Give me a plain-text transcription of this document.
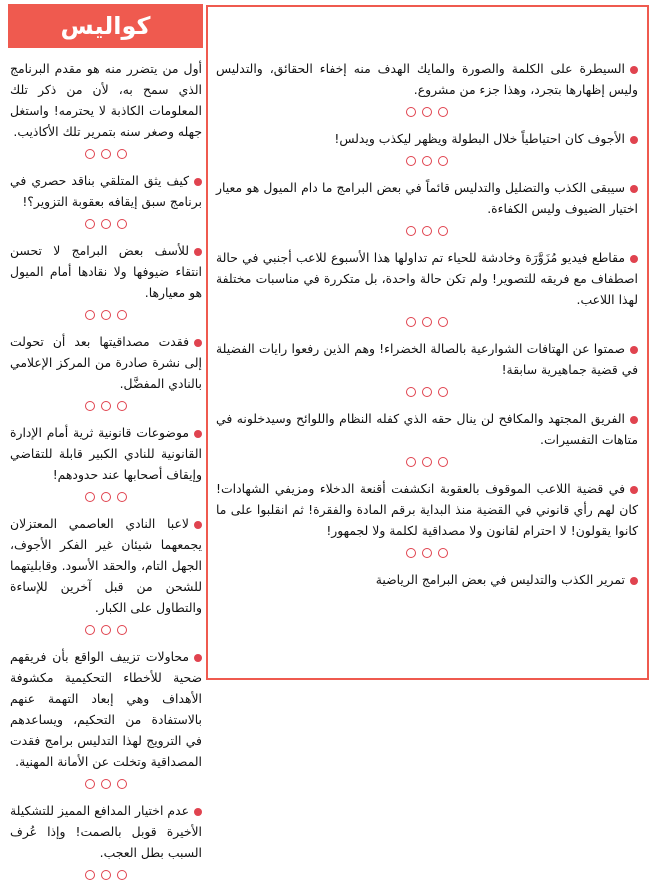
كواليس

السيطرة على الكلمة والصورة والمايك الهدف منه إخفاء الحقائق، والتدليس وليس إظهارها بتجرد، وهذا جزء من مشروع.

الأجوف كان احتياطياً خلال البطولة ويظهر ليكذب ويدلس!

سيبقى الكذب والتضليل والتدليس قائماً في بعض البرامج ما دام الميول هو معيار اختيار الضيوف وليس الكفاءة.

مقاطع فيديو مُزَوَّرَة وخادشة للحياء تم تداولها هذا الأسبوع للاعب أجنبي في حالة اصطفاف مع فريقه للتصوير! ولم تكن حالة واحدة، بل متكررة في مناسبات مختلفة لهذا اللاعب.

صمتوا عن الهتافات الشوارعية بالصالة الخضراء! وهم الذين رفعوا رايات الفضيلة في قضية جماهيرية سابقة!

الفريق المجتهد والمكافح لن ينال حقه الذي كفله النظام واللوائح وسيدخلونه في متاهات التفسيرات.

في قضية اللاعب الموقوف بالعقوبة انكشفت أقنعة الدخلاء ومزيفي الشهادات! كان لهم رأي قانوني في القضية منذ البداية برقم المادة والفقرة! ثم انقلبوا على ما كانوا يقولون! لا احترام لقانون ولا مصداقية لكلمة ولا لجمهور!

تمرير الكذب والتدليس في بعض البرامج الرياضية

أول من يتضرر منه هو مقدم البرنامج الذي سمح به، لأن من ذكر تلك المعلومات الكاذبة لا يحترمه! واستغل جهله وصغر سنه بتمرير تلك الأكاذيب.

كيف يثق المتلقي بناقد حصري في برنامج سبق إيقافه بعقوبة التزوير؟!

للأسف بعض البرامج لا تحسن انتقاء ضيوفها ولا نقادها أمام الميول هو معيارها.

فقدت مصداقيتها بعد أن تحولت إلى نشرة صادرة من المركز الإعلامي بالنادي المفضَّل.

موضوعات قانونية ثرية أمام الإدارة القانونية للنادي الكبير قابلة للتقاضي وإيقاف أصحابها عند حدودهم!

لاعبا النادي العاصمي المعتزلان يجمعهما شيئان غير الفكر الأجوف، الجهل التام، والحقد الأسود. وقابليتهما للشحن من قبل آخرين للإساءة والتطاول على الكبار.

محاولات تزييف الواقع بأن فريقهم ضحية للأخطاء التحكيمية مكشوفة الأهداف وهي إبعاد التهمة عنهم بالاستفادة من التحكيم، ويساعدهم في الترويج لهذا التدليس برامج فقدت المصداقية وتخلت عن الأمانة المهنية.

عدم اختيار المدافع المميز للتشكيلة الأخيرة قوبل بالصمت! وإذا عُرف السبب بطل العجب.
